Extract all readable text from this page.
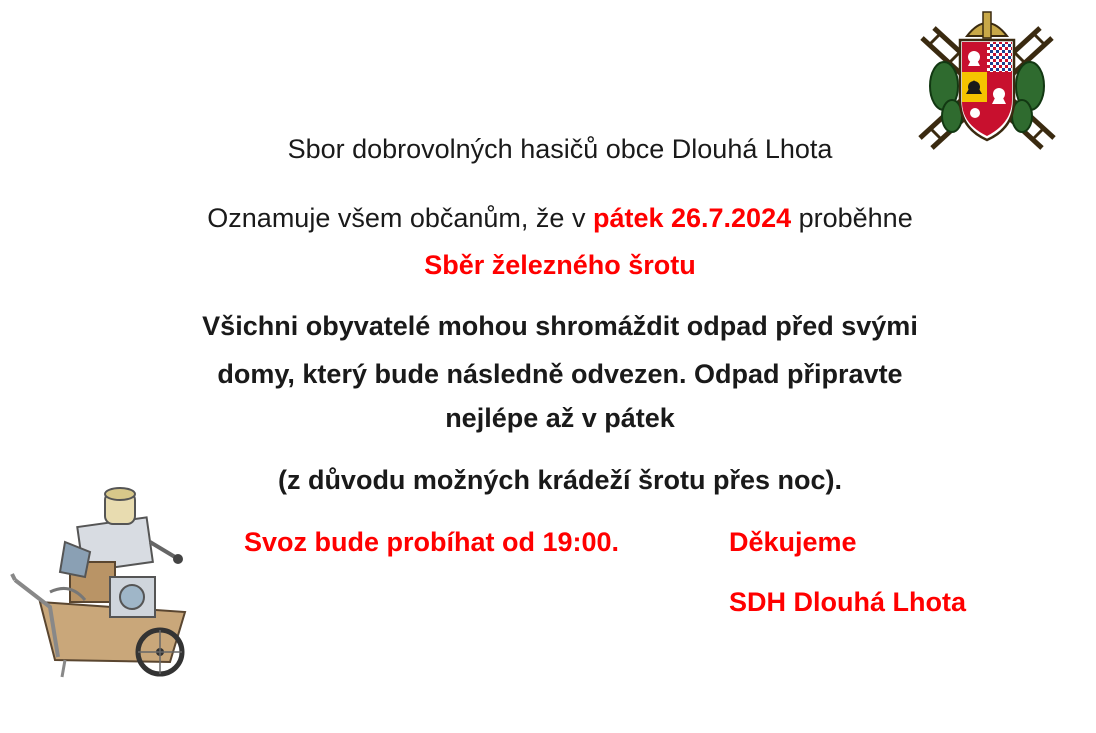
Sbor dobrovolných hasičů obce Dlouhá Lhota
Oznamuje všem občanům, že v pátek 26.7.2024 proběhne
Sběr železného šrotu
Všichni obyvatelé mohou shromáždit odpad před svými
domy, který bude následně odvezen. Odpad připravte
nejlépe až v pátek
(z důvodu možných krádeží šrotu přes noc).
Svoz bude probíhat od 19:00.	Děkujeme
SDH Dlouhá Lhota
